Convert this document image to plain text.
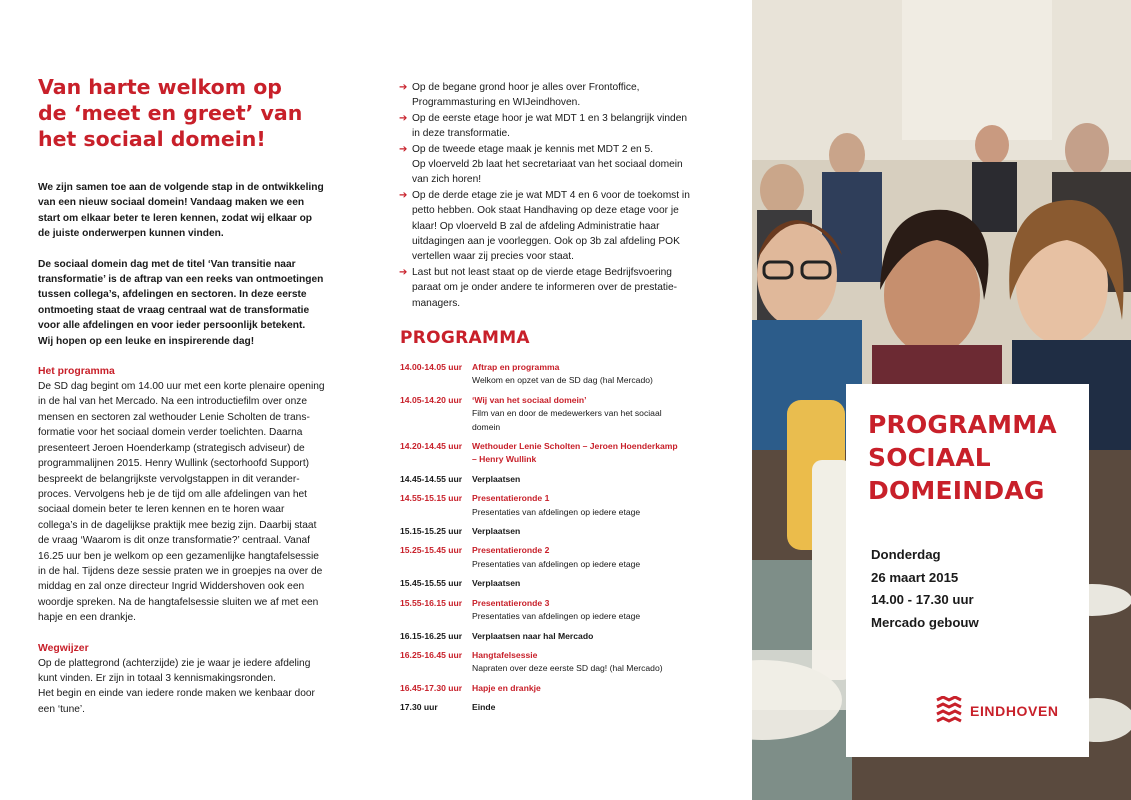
Van harte welkom op
de ‘meet en greet’ van
het sociaal domein!
We zijn samen toe aan de volgende stap in de ontwikkeling
van een nieuw sociaal domein! Vandaag maken we een
start om elkaar beter te leren kennen, zodat wij elkaar op
de juiste onderwerpen kunnen vinden.
De sociaal domein dag met de titel ‘Van transitie naar
transformatie’ is de aftrap van een reeks van ontmoetingen
tussen collega’s, afdelingen en sectoren. In deze eerste
ontmoeting staat de vraag centraal wat de transformatie
voor alle afdelingen en voor ieder persoonlijk betekent.
Wij hopen op een leuke en inspirerende dag!
Het programma
De SD dag begint om 14.00 uur met een korte plenaire opening
in de hal van het Mercado. Na een introductiefilm over onze
mensen en sectoren zal wethouder Lenie Scholten de trans-
formatie voor het sociaal domein verder toelichten. Daarna
presenteert Jeroen Hoenderkamp (strategisch adviseur) de
programmalijnen 2015. Henry Wullink (sectorhoofd Support)
bespreekt de belangrijkste vervolgstappen in dit verander-
proces. Vervolgens heb je de tijd om alle afdelingen van het
sociaal domein beter te leren kennen en te horen waar
collega’s in de dagelijkse praktijk mee bezig zijn. Daarbij staat
de vraag ‘Waarom is dit onze transformatie?’ centraal. Vanaf
16.25 uur ben je welkom op een gezamenlijke hangtafelsessie
in de hal. Tijdens deze sessie praten we in groepjes na over de
middag en zal onze directeur Ingrid Widdershoven ook een
woordje spreken. Na de hangtafelsessie sluiten we af met een
hapje en een drankje.
Wegwijzer
Op de plattegrond (achterzijde) zie je waar je iedere afdeling
kunt vinden. Er zijn in totaal 3 kennismakingsronden.
Het begin en einde van iedere ronde maken we kenbaar door
een ‘tune’.
➔ Op de begane grond hoor je alles over Frontoffice,
Programmasturing en WIJeindhoven.
➔ Op de eerste etage hoor je wat MDT 1 en 3 belangrijk vinden
in deze transformatie.
➔ Op de tweede etage maak je kennis met MDT 2 en 5.
Op vloerveld 2b laat het secretariaat van het sociaal domein
van zich horen!
➔ Op de derde etage zie je wat MDT 4 en 6 voor de toekomst in
petto hebben. Ook staat Handhaving op deze etage voor je
klaar! Op vloerveld B zal de afdeling Administratie haar
uitdagingen aan je voorleggen. Ook op 3b zal afdeling POK
vertellen waar zij precies voor staat.
➔ Last but not least staat op de vierde etage Bedrijfsvoering
paraat om je onder andere te informeren over de prestatie-
managers.
PROGRAMMA
14.00-14.05 uur Aftrap en programma
Welkom en opzet van de SD dag (hal Mercado)
14.05-14.20 uur ‘Wij van het sociaal domein’
Film van en door de medewerkers van het sociaal
domein
14.20-14.45 uur Wethouder Lenie Scholten – Jeroen Hoenderkamp
– Henry Wullink
14.45-14.55 uur Verplaatsen
14.55-15.15 uur Presentatieronde 1
Presentaties van afdelingen op iedere etage
15.15-15.25 uur Verplaatsen
15.25-15.45 uur Presentatieronde 2
Presentaties van afdelingen op iedere etage
15.45-15.55 uur Verplaatsen
15.55-16.15 uur Presentatieronde 3
Presentaties van afdelingen op iedere etage
16.15-16.25 uur Verplaatsen naar hal Mercado
16.25-16.45 uur Hangtafelsessie
Napraten over deze eerste SD dag! (hal Mercado)
16.45-17.30 uur Hapje en drankje
17.30 uur	Einde
PROGRAMMA
SOCIAAL
DOMEINDAG
Donderdag
26 maart 2015
14.00 - 17.30 uur
Mercado gebouw
EINDHOVEN
